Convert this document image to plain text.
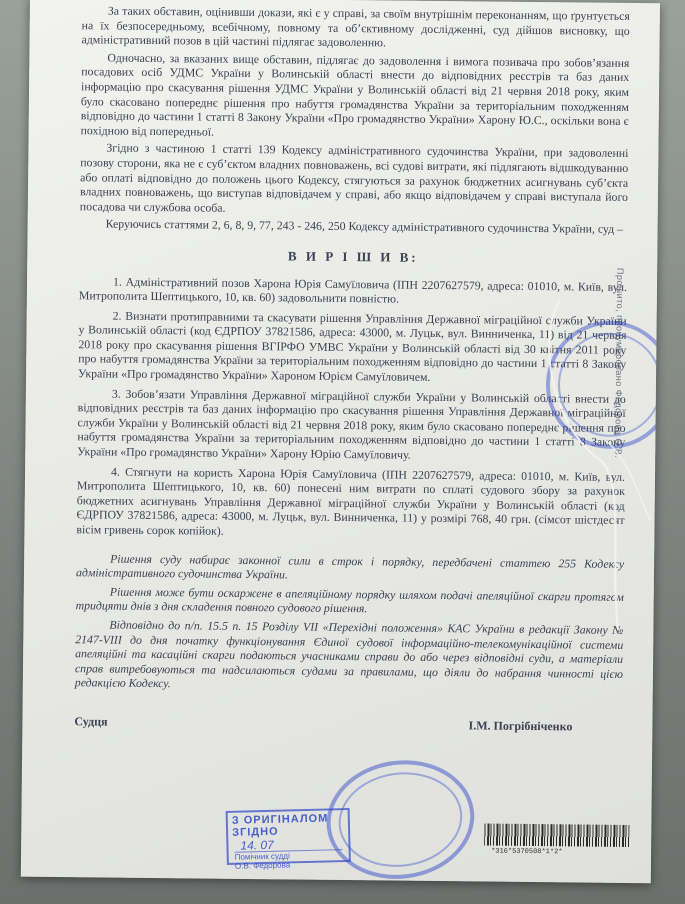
За таких обставин, оцінивши докази, які є у справі, за своїм внутрішнім переконанням, що ґрунтується на їх безпосередньому, всебічному, повному та об’єктивному дослідженні, суд дійшов висновку, що адміністративний позов в цій частині підлягає задоволенню.

Одночасно, за вказаних вище обставин, підлягає до задоволення і вимога позивача про зобов’язання посадових осіб УДМС України у Волинській області внести до відповідних реєстрів та баз даних інформацію про скасування рішення УДМС України у Волинській області від 21 червня 2018 року, яким було скасовано попереднє рішення про набуття громадянства України за територіальним походженням відповідно до частини 1 статті 8 Закону України «Про громадянство України» Харону Ю.С., оскільки вона є похідною від попередньої.

Згідно з частиною 1 статті 139 Кодексу адміністративного судочинства України, при задоволенні позову сторони, яка не є суб’єктом владних повноважень, всі судові витрати, які підлягають відшкодуванню або оплаті відповідно до положень цього Кодексу, стягуються за рахунок бюджетних асигнувань суб’єкта владних повноважень, що виступав відповідачем у справі, або якщо відповідачем у справі виступала його посадова чи службова особа.

Керуючись статтями 2, 6, 8, 9, 77, 243 - 246, 250 Кодексу адміністративного судочинства України, суд –

В И Р І Ш И В:

1. Адміністративний позов Харона Юрія Самуїловича (ІПН 2207627579, адреса: 01010, м. Київ, вул. Митрополита Шептицького, 10, кв. 60) задовольнити повністю.

2. Визнати протиправними та скасувати рішення Управління Державної міграційної служби України у Волинській області (код ЄДРПОУ 37821586, адреса: 43000, м. Луцьк, вул. Винниченка, 11) від 21 червня 2018 року про скасування рішення ВГІРФО УМВС України у Волинській області від 30 квітня 2011 року про набуття громадянства України за територіальним походженням відповідно до частини 1 статті 8 Закону України «Про громадянство України» Хароном Юрієм Самуїловичем.

3. Зобов’язати Управління Державної міграційної служби України у Волинській області внести до відповідних реєстрів та баз даних інформацію про скасування рішення Управління Державної міграційної служби України у Волинській області від 21 червня 2018 року, яким було скасовано попереднє рішення про набуття громадянства України за територіальним походженням відповідно до частини 1 статті 8 Закону України «Про громадянство України» Харону Юрію Самуїловичу.

4. Стягнути на користь Харона Юрія Самуїловича (ІПН 2207627579, адреса: 01010, м. Київ, вул. Митрополита Шептицького, 10, кв. 60) понесені ним витрати по сплаті судового збору за рахунок бюджетних асигнувань Управління Державної міграційної служби України у Волинській області (код ЄДРПОУ 37821586, адреса: 43000, м. Луцьк, вул. Винниченка, 11) у розмірі 768, 40 грн. (сімсот шістдесят вісім гривень сорок копійок).

Рішення суду набирає законної сили в строк і порядку, передбачені статтею 255 Кодексу адміністративного судочинства України.

Рішення може бути оскаржене в апеляційному порядку шляхом подачі апеляційної скарги протягом тридцяти днів з дня складення повного судового рішення.

Відповідно до п/п. 15.5 п. 15 Розділу VII «Перехідні положення» КАС України в редакції Закону № 2147-VIII до дня початку функціонування Єдиної судової інформаційно-телекомунікаційної системи апеляційні та касаційні скарги подаються учасниками справи до або через відповідні суди, а матеріали справ витребовуються та надсилаються судами за правилами, що діяли до набрання чинності цією редакцією Кодексу.

Судця	І.М. Погрібніченко
Прошито, пронумеровано Федорова О.В.
З ОРИГІНАЛОМ ЗГІДНО
14. 07
Помічник судді
О.В. Федорова
*316*5370508*1*2*
